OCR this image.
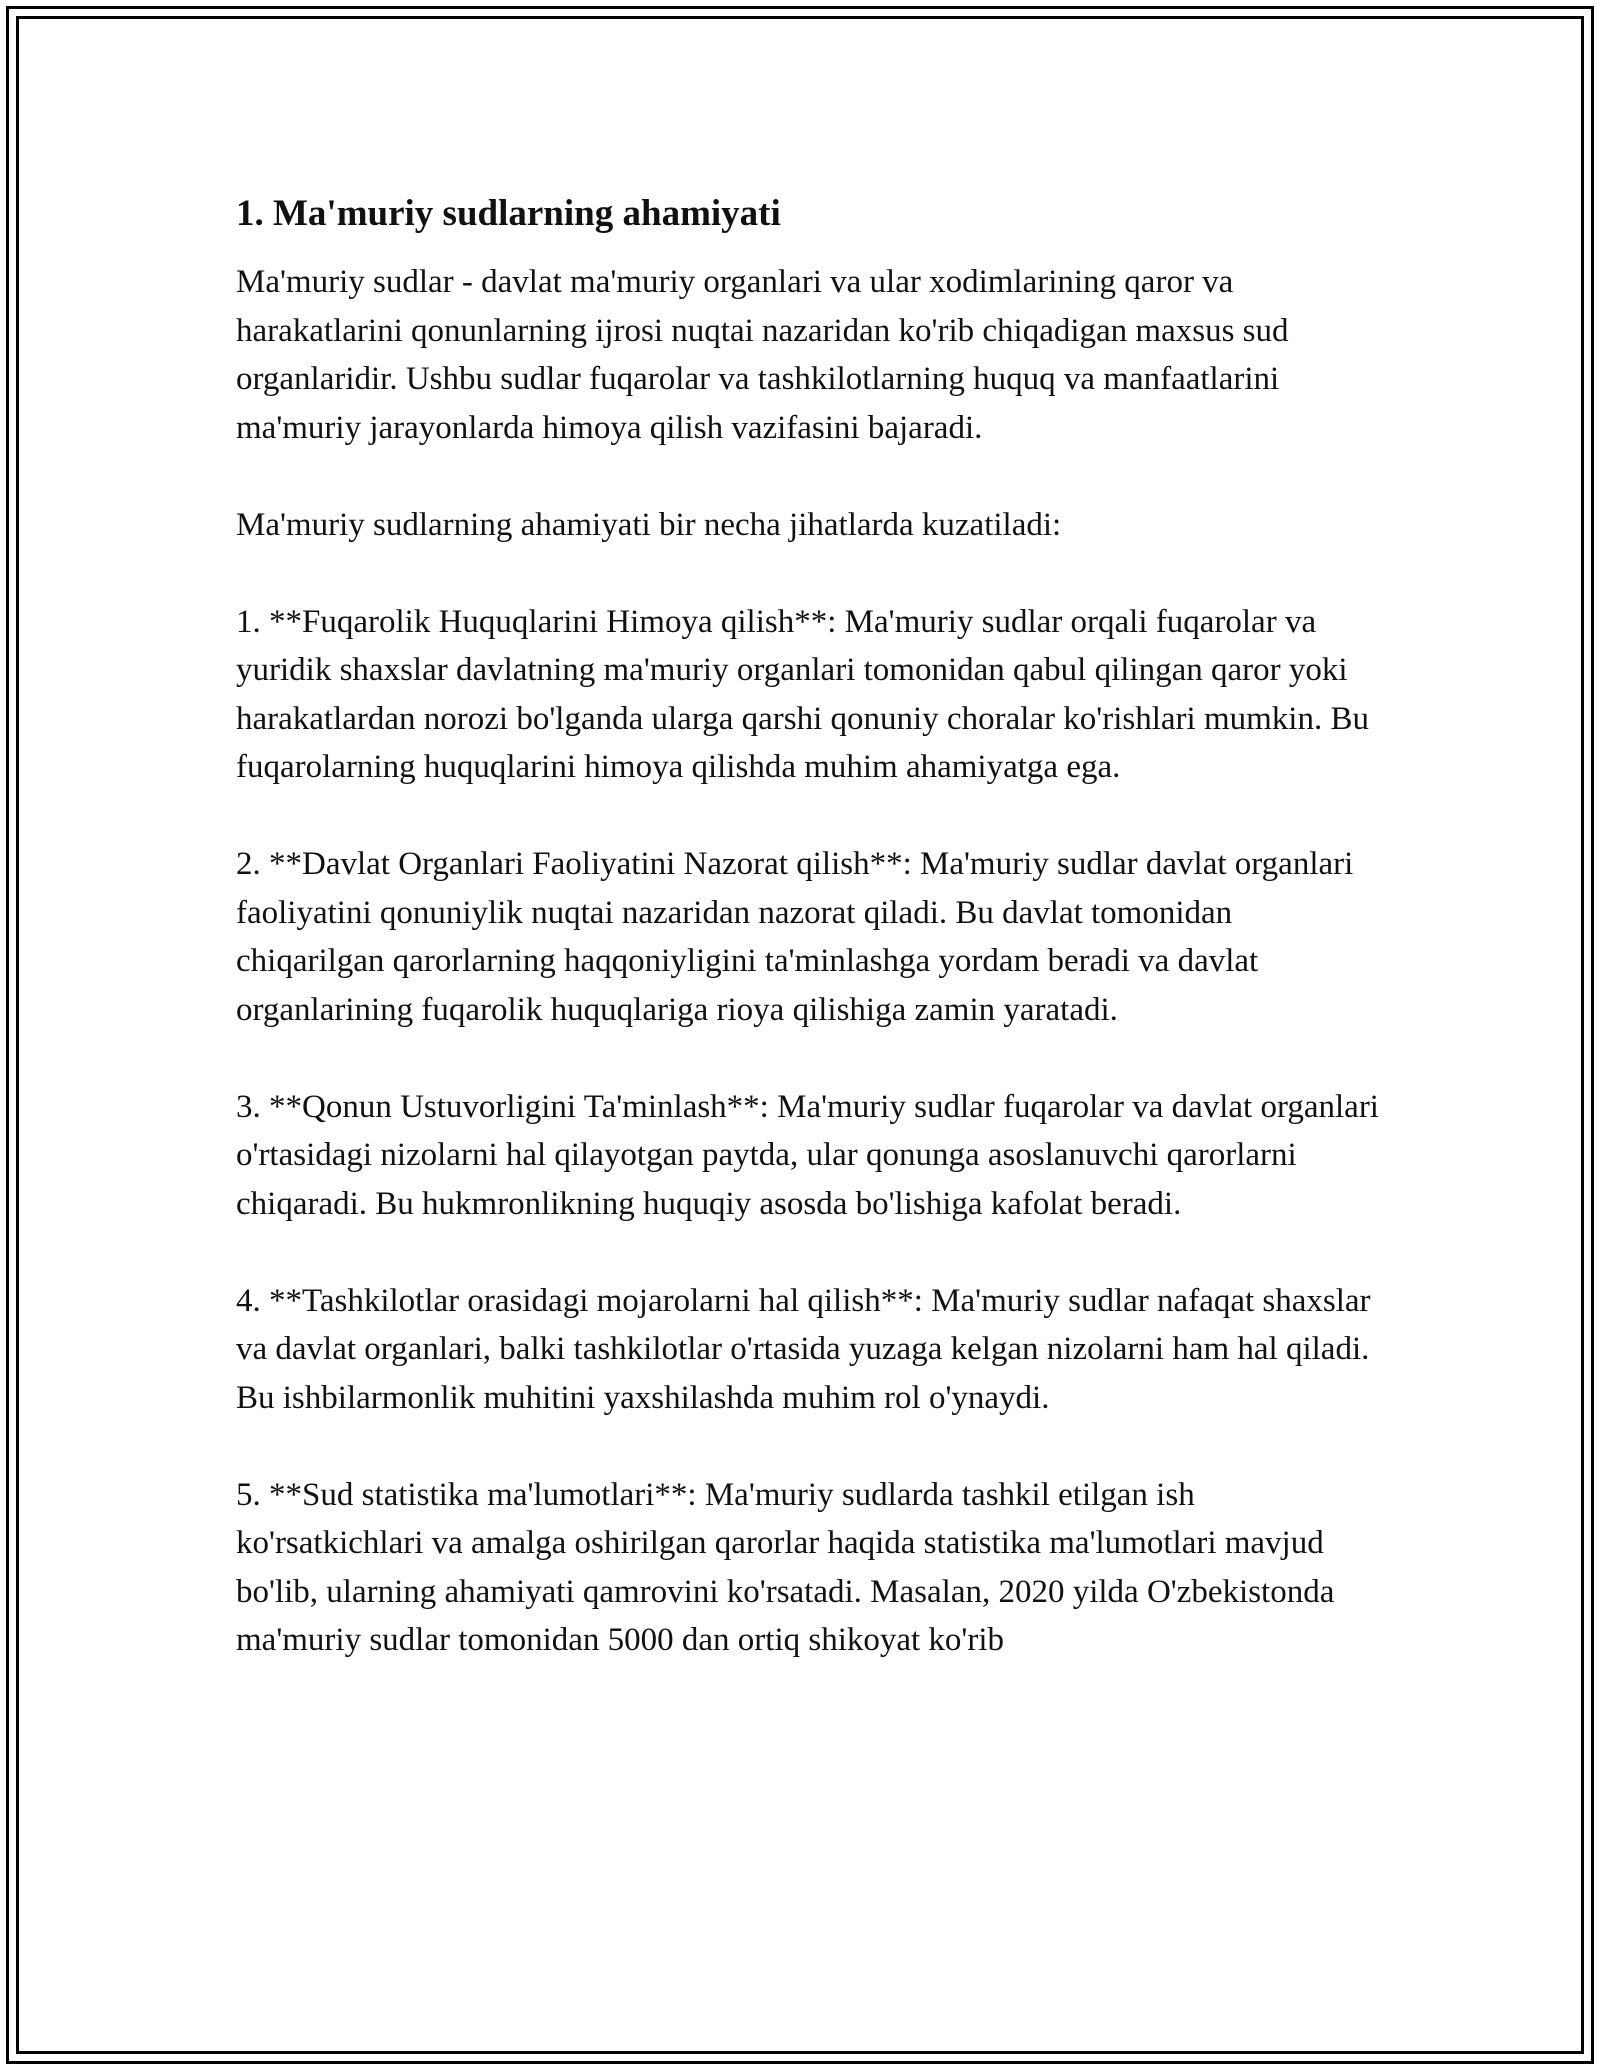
1. Ma'muriy sudlarning ahamiyati

Ma'muriy sudlar - davlat ma'muriy organlari va ular xodimlarining qaror va harakatlarini qonunlarning ijrosi nuqtai nazaridan ko'rib chiqadigan maxsus sud organlaridir. Ushbu sudlar fuqarolar va tashkilotlarning huquq va manfaatlarini ma'muriy jarayonlarda himoya qilish vazifasini bajaradi.

Ma'muriy sudlarning ahamiyati bir necha jihatlarda kuzatiladi:

1. **Fuqarolik Huquqlarini Himoya qilish**: Ma'muriy sudlar orqali fuqarolar va yuridik shaxslar davlatning ma'muriy organlari tomonidan qabul qilingan qaror yoki harakatlardan norozi bo'lganda ularga qarshi qonuniy choralar ko'rishlari mumkin. Bu fuqarolarning huquqlarini himoya qilishda muhim ahamiyatga ega.

2. **Davlat Organlari Faoliyatini Nazorat qilish**: Ma'muriy sudlar davlat organlari faoliyatini qonuniylik nuqtai nazaridan nazorat qiladi. Bu davlat tomonidan chiqarilgan qarorlarning haqqoniyligini ta'minlashga yordam beradi va davlat organlarining fuqarolik huquqlariga rioya qilishiga zamin yaratadi.

3. **Qonun Ustuvorligini Ta'minlash**: Ma'muriy sudlar fuqarolar va davlat organlari o'rtasidagi nizolarni hal qilayotgan paytda, ular qonunga asoslanuvchi qarorlarni chiqaradi. Bu hukmronlikning huquqiy asosda bo'lishiga kafolat beradi.

4. **Tashkilotlar orasidagi mojarolarni hal qilish**: Ma'muriy sudlar nafaqat shaxslar va davlat organlari, balki tashkilotlar o'rtasida yuzaga kelgan nizolarni ham hal qiladi. Bu ishbilarmonlik muhitini yaxshilashda muhim rol o'ynaydi.

5. **Sud statistika ma'lumotlari**: Ma'muriy sudlarda tashkil etilgan ish ko'rsatkichlari va amalga oshirilgan qarorlar haqida statistika ma'lumotlari mavjud bo'lib, ularning ahamiyati qamrovini ko'rsatadi. Masalan, 2020 yilda O'zbekistonda ma'muriy sudlar tomonidan 5000 dan ortiq shikoyat ko'rib
